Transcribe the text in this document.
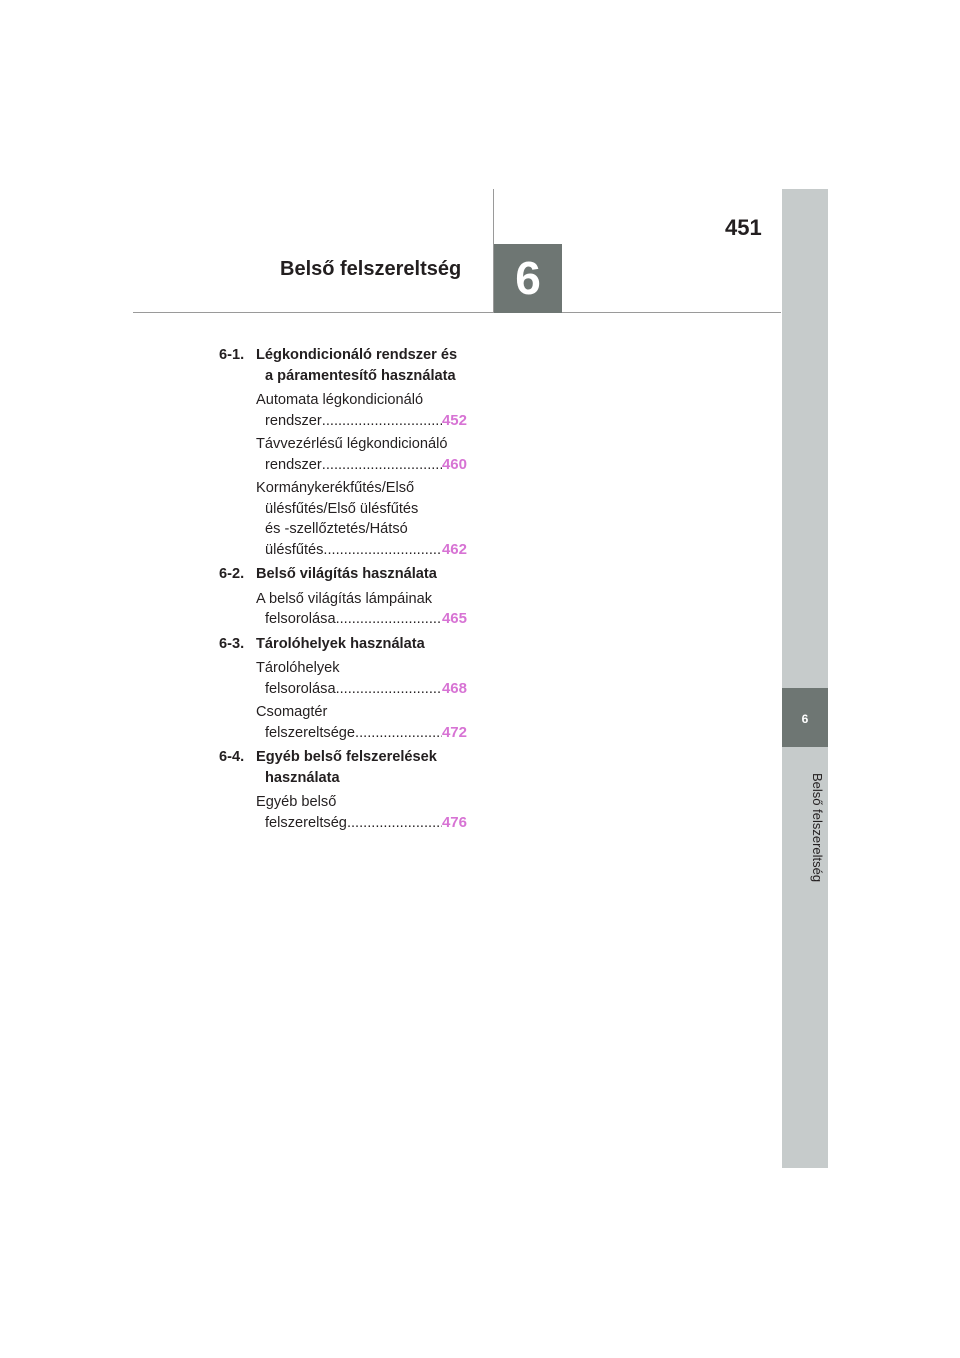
451
Belső felszereltség	6
6
Belső felszereltség
6-1. Légkondicionáló rendszer és
a páramentesítő használata
Automata légkondicionáló
rendszer .....	452
Távvezérlésű légkondicionáló
rendszer .....	460
Kormánykerékfűtés/Első
ülésfűtés/Első ülésfűtés
és -szellőztetés/Hátsó
ülésfűtés .....	462
6-2. Belső világítás használata
A belső világítás lámpáinak
felsorolása .....	465
6-3. Tárolóhelyek használata
Tárolóhelyek
felsorolása .....	468
Csomagtér
felszereltsége .....	472
6-4. Egyéb belső felszerelések
használata
Egyéb belső
felszereltség .....	476
